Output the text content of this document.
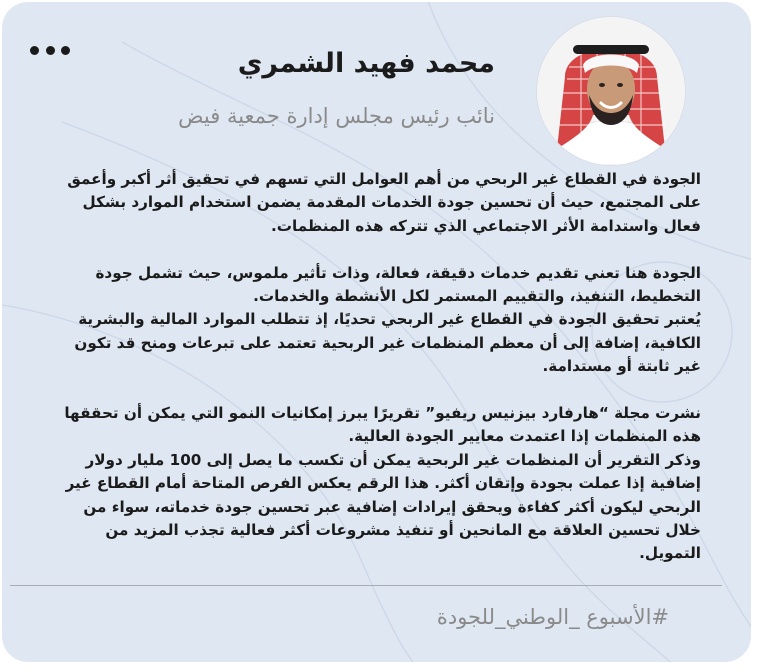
محمد فهيد الشمري
نائب رئيس مجلس إدارة جمعية فيض

الجودة في القطاع غير الربحي من أهم العوامل التي تسهم في تحقيق أثر أكبر وأعمق على المجتمع، حيث أن تحسين جودة الخدمات المقدمة يضمن استخدام الموارد بشكل فعال واستدامة الأثر الاجتماعي الذي تتركه هذه المنظمات.

الجودة هنا تعني تقديم خدمات دقيقة، فعالة، وذات تأثير ملموس، حيث تشمل جودة التخطيط، التنفيذ، والتقييم المستمر لكل الأنشطة والخدمات.

يُعتبر تحقيق الجودة في القطاع غير الربحي تحديًا، إذ تتطلب الموارد المالية والبشرية الكافية، إضافة إلى أن معظم المنظمات غير الربحية تعتمد على تبرعات ومنح قد تكون غير ثابتة أو مستدامة.

نشرت مجلة “هارفارد بيزنيس ريفيو” تقريرًا يبرز إمكانيات النمو التي يمكن أن تحققها هذه المنظمات إذا اعتمدت معايير الجودة العالية.

وذكر التقرير أن المنظمات غير الربحية يمكن أن تكسب ما يصل إلى 100 مليار دولار إضافية إذا عملت بجودة وإتقان أكثر. هذا الرقم يعكس الفرص المتاحة أمام القطاع غير الربحي ليكون أكثر كفاءة ويحقق إيرادات إضافية عبر تحسين جودة خدماته، سواء من خلال تحسين العلاقة مع المانحين أو تنفيذ مشروعات أكثر فعالية تجذب المزيد من التمويل.

#الأسبوع _الوطني_للجودة
